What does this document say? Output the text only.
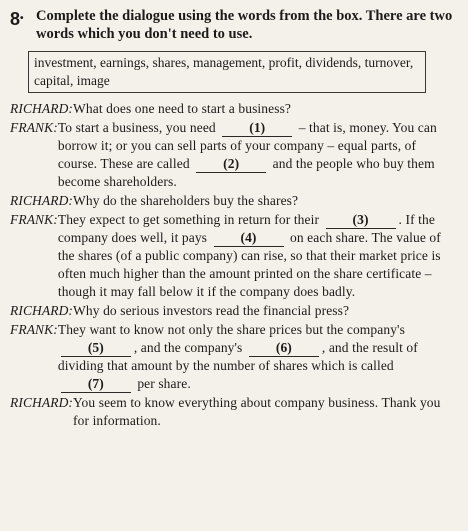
8• Complete the dialogue using the words from the box. There are two words which you don't need to use.
investment, earnings, shares, management, profit, dividends, turnover, capital, image
RICHARD: What does one need to start a business?
FRANK: To start a business, you need (1) – that is, money. You can borrow it; or you can sell parts of your company – equal parts, of course. These are called (2) and the people who buy them become shareholders.
RICHARD: Why do the shareholders buy the shares?
FRANK: They expect to get something in return for their (3) . If the company does well, it pays (4) on each share. The value of the shares (of a public company) can rise, so that their market price is often much higher than the amount printed on the share certificate – though it may fall below it if the company does badly.
RICHARD: Why do serious investors read the financial press?
FRANK: They want to know not only the share prices but the company's (5) , and the company's (6) , and the result of dividing that amount by the number of shares which is called (7) per share.
RICHARD: You seem to know everything about company business. Thank you for information.
